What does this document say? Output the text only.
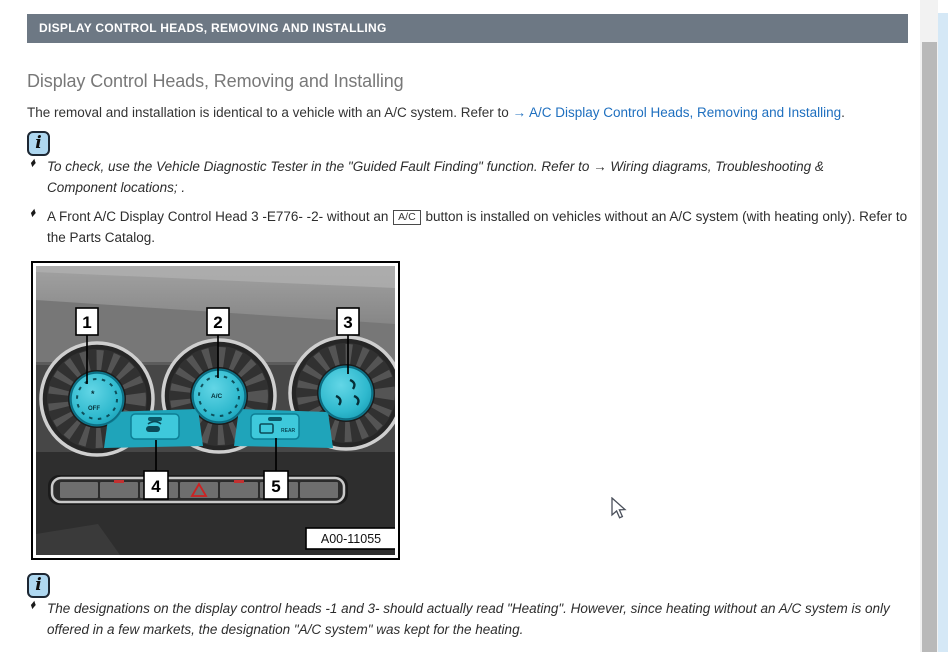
DISPLAY CONTROL HEADS, REMOVING AND INSTALLING
Display Control Heads, Removing and Installing
The removal and installation is identical to a vehicle with an A/C system. Refer to → A/C Display Control Heads, Removing and Installing.
i
♦ To check, use the Vehicle Diagnostic Tester in the "Guided Fault Finding" function. Refer to → Wiring diagrams, Troubleshooting & Component locations; .
♦ A Front A/C Display Control Head 3 -E776- -2- without an A/C button is installed on vehicles without an A/C system (with heating only). Refer to the Parts Catalog.
REAR
*
OFF
A/C
1	2	3
4	5
A00-11055
i
♦ The designations on the display control heads -1 and 3- should actually read "Heating". However, since heating without an A/C system is only offered in a few markets, the designation "A/C system" was kept for the heating.
